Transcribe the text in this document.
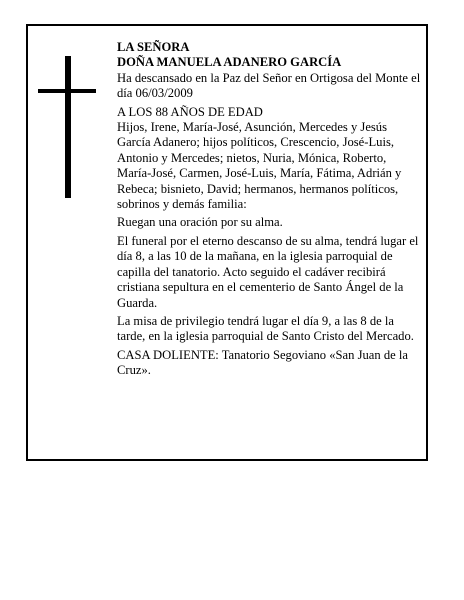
LA SEÑORA

DOÑA MANUELA ADANERO GARCÍA

Ha descansado en la Paz del Señor en Ortigosa del Monte el día 06/03/2009

A LOS 88 AÑOS DE EDAD

Hijos, Irene, María-José, Asunción, Mercedes y Jesús García Adanero; hijos políticos, Crescencio, José-Luis, Antonio y Mercedes; nietos, Nuria, Mónica, Roberto, María-José, Carmen, José-Luis, María, Fátima, Adrián y Rebeca; bisnieto, David; hermanos, hermanos políticos, sobrinos y demás familia:

Ruegan una oración por su alma.

El funeral por el eterno descanso de su alma, tendrá lugar el día 8, a las 10 de la mañana, en la iglesia parroquial de capilla del tanatorio. Acto seguido el cadáver recibirá cristiana sepultura en el cementerio de Santo Ángel de la Guarda.

La misa de privilegio tendrá lugar el día 9, a las 8 de la tarde, en la iglesia parroquial de Santo Cristo del Mercado.

CASA DOLIENTE: Tanatorio Segoviano «San Juan de la Cruz».
